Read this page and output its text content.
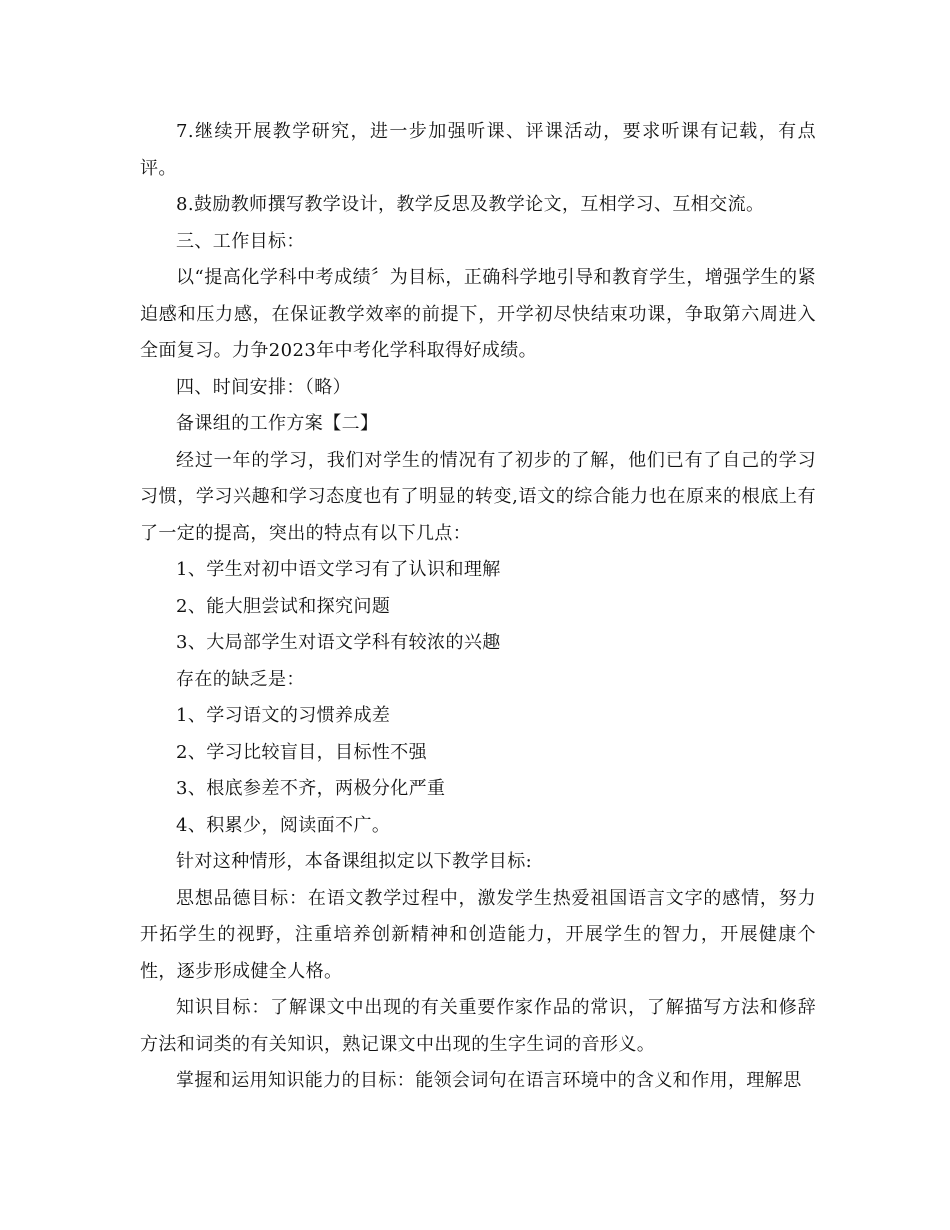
7.继续开展教学研究，进一步加强听课、评课活动，要求听课有记载，有点评。

8.鼓励教师撰写教学设计，教学反思及教学论文，互相学习、互相交流。

三、工作目标：

以“提高化学科中考成绩〞为目标，正确科学地引导和教育学生，增强学生的紧迫感和压力感，在保证教学效率的前提下，开学初尽快结束功课，争取第六周进入全面复习。力争2023年中考化学科取得好成绩。

四、时间安排：（略）

备课组的工作方案【二】

经过一年的学习，我们对学生的情况有了初步的了解，他们已有了自己的学习习惯，学习兴趣和学习态度也有了明显的转变,语文的综合能力也在原来的根底上有了一定的提高，突出的特点有以下几点：

1、学生对初中语文学习有了认识和理解

2、能大胆尝试和探究问题

3、大局部学生对语文学科有较浓的兴趣

存在的缺乏是：

1、学习语文的习惯养成差

2、学习比较盲目，目标性不强

3、根底参差不齐，两极分化严重

4、积累少，阅读面不广。

针对这种情形，本备课组拟定以下教学目标:

思想品德目标：在语文教学过程中，激发学生热爱祖国语言文字的感情，努力开拓学生的视野，注重培养创新精神和创造能力，开展学生的智力，开展健康个性，逐步形成健全人格。

知识目标：了解课文中出现的有关重要作家作品的常识，了解描写方法和修辞方法和词类的有关知识，熟记课文中出现的生字生词的音形义。

掌握和运用知识能力的目标：能领会词句在语言环境中的含义和作用，理解思
